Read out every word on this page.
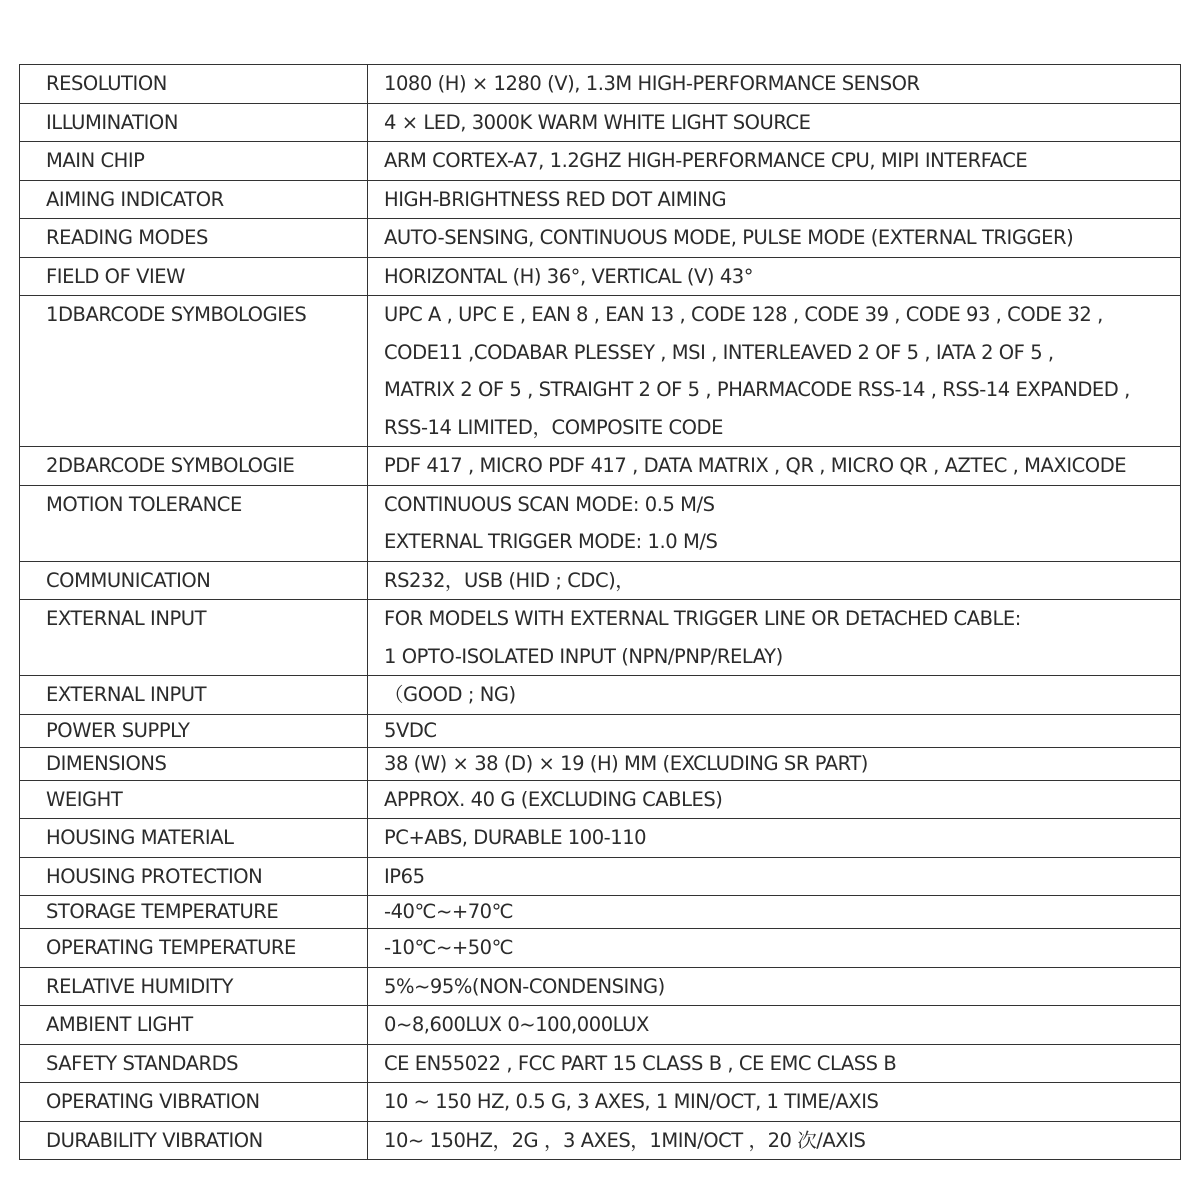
RESOLUTION	1080 (H) × 1280 (V), 1.3M HIGH-PERFORMANCE SENSOR

ILLUMINATION	4 × LED, 3000K WARM WHITE LIGHT SOURCE

MAIN CHIP	ARM CORTEX-A7, 1.2GHZ HIGH-PERFORMANCE CPU, MIPI INTERFACE

AIMING INDICATOR	HIGH-BRIGHTNESS RED DOT AIMING

READING MODES	AUTO-SENSING, CONTINUOUS MODE, PULSE MODE (EXTERNAL TRIGGER)

FIELD OF VIEW	HORIZONTAL (H) 36°, VERTICAL (V) 43°

1DBARCODE SYMBOLOGIES	UPC A , UPC E , EAN 8 , EAN 13 , CODE 128 , CODE 39 , CODE 93 , CODE 32 ,
CODE11 ,CODABAR PLESSEY , MSI , INTERLEAVED 2 OF 5 , IATA 2 OF 5 ,
MATRIX 2 OF 5 , STRAIGHT 2 OF 5 , PHARMACODE RSS-14 , RSS-14 EXPANDED ,
RSS-14 LIMITED，COMPOSITE CODE

2DBARCODE SYMBOLOGIE	PDF 417 , MICRO PDF 417 , DATA MATRIX , QR , MICRO QR , AZTEC , MAXICODE

MOTION TOLERANCE	CONTINUOUS SCAN MODE: 0.5 M/S
EXTERNAL TRIGGER MODE: 1.0 M/S

COMMUNICATION	RS232，USB (HID ; CDC)，

EXTERNAL INPUT	FOR MODELS WITH EXTERNAL TRIGGER LINE OR DETACHED CABLE:
1 OPTO-ISOLATED INPUT (NPN/PNP/RELAY)

EXTERNAL INPUT	（GOOD ; NG)

POWER SUPPLY	5VDC

DIMENSIONS	38 (W) × 38 (D) × 19 (H) MM (EXCLUDING SR PART)

WEIGHT	APPROX. 40 G (EXCLUDING CABLES)

HOUSING MATERIAL	PC+ABS, DURABLE 100-110

HOUSING PROTECTION	IP65

STORAGE TEMPERATURE	-40℃~+70℃

OPERATING TEMPERATURE	-10℃~+50℃

RELATIVE HUMIDITY	5%~95%(NON-CONDENSING)

AMBIENT LIGHT	0~8,600LUX 0~100,000LUX

SAFETY STANDARDS	CE EN55022 , FCC PART 15 CLASS B , CE EMC CLASS B

OPERATING VIBRATION	10 ~ 150 HZ, 0.5 G, 3 AXES, 1 MIN/OCT, 1 TIME/AXIS

DURABILITY VIBRATION	10~ 150HZ，2G ，3 AXES，1MIN/OCT ，20 次/AXIS
